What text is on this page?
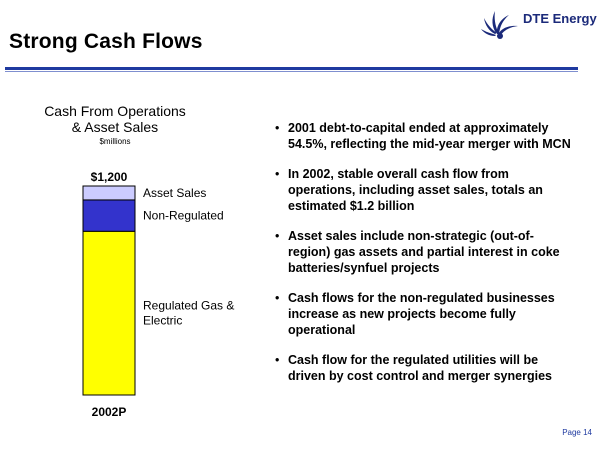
Strong Cash Flows
DTE Energy
Cash From Operations
& Asset Sales
$millions
$1,200
Regulated Gas & Electric
Non-Regulated
Asset Sales
2002P
• 2001 debt-to-capital ended at approximately 54.5%, reflecting the mid-year merger with MCN
• In 2002, stable overall cash flow from operations, including asset sales, totals an estimated $1.2 billion
• Asset sales include non-strategic (out-of-region) gas assets and partial interest in coke batteries/synfuel projects
• Cash flows for the non-regulated businesses increase as new projects become fully operational
• Cash flow for the regulated utilities will be driven by cost control and merger synergies
Page 14
